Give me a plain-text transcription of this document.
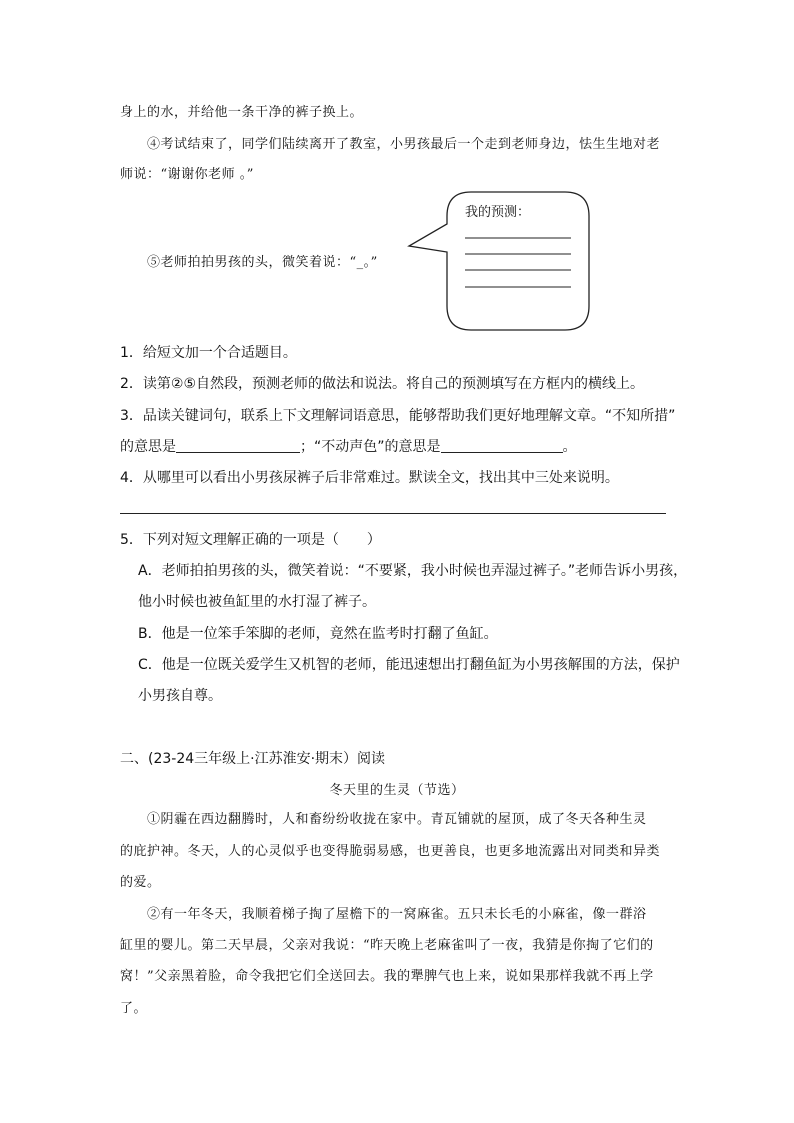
身上的水，并给他一条干净的裤子换上。
④考试结束了，同学们陆续离开了教室，小男孩最后一个走到老师身边，怯生生地对老
师说：“谢谢你老师 。”
⑤老师拍拍男孩的头，微笑着说：“_。”
我的预测：
1．给短文加一个合适题目。
2．读第②⑤自然段，预测老师的做法和说法。将自己的预测填写在方框内的横线上。
3．品读关键词句，联系上下文理解词语意思，能够帮助我们更好地理解文章。“不知所措”
的意思是	；“不动声色”的意思是	。
4．从哪里可以看出小男孩尿裤子后非常难过。默读全文，找出其中三处来说明。
5．下列对短文理解正确的一项是（　　）
A．老师拍拍男孩的头，微笑着说：“不要紧，我小时候也弄湿过裤子。”老师告诉小男孩，
他小时候也被鱼缸里的水打湿了裤子。
B．他是一位笨手笨脚的老师，竟然在监考时打翻了鱼缸。
C．他是一位既关爱学生又机智的老师，能迅速想出打翻鱼缸为小男孩解围的方法，保护
小男孩自尊。
二、(23-24三年级上·江苏淮安·期末）阅读
冬天里的生灵（节选）
①阴霾在西边翻腾时，人和畜纷纷收拢在家中。青瓦铺就的屋顶，成了冬天各种生灵
的庇护神。冬天，人的心灵似乎也变得脆弱易感，也更善良，也更多地流露出对同类和异类
的爱。
②有一年冬天，我顺着梯子掏了屋檐下的一窝麻雀。五只未长毛的小麻雀，像一群浴
缸里的婴儿。第二天早晨，父亲对我说：“昨天晚上老麻雀叫了一夜，我猜是你掏了它们的
窝！”父亲黑着脸，命令我把它们全送回去。我的犟脾气也上来，说如果那样我就不再上学
了。
